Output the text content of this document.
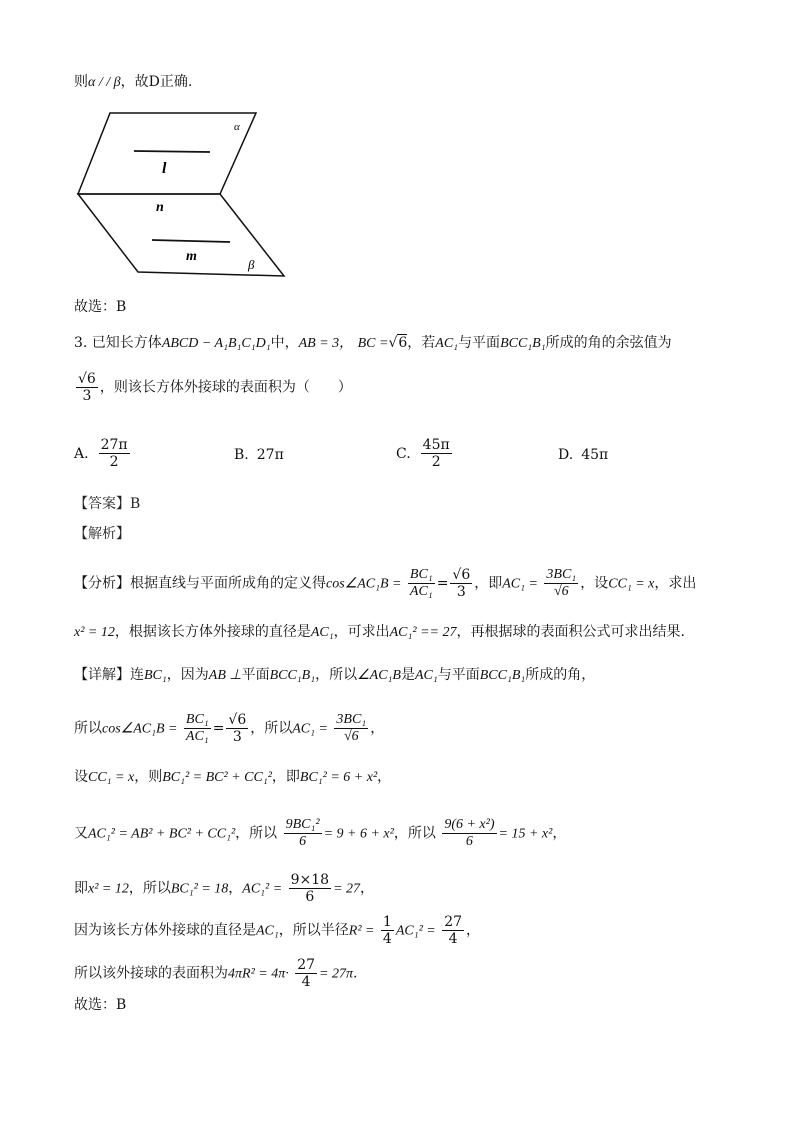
则α / / β，故D正确.
α
l
n
m
β
故选：B
3. 已知长方体ABCD − A₁B₁C₁D₁中，AB = 3， BC =√6，若AC₁与平面BCC₁B₁所成的角的余弦值为
$\frac{√6}{3}$ ，则该长方体外接球的表面积为（　　）
A. $\frac{27\pi}{2}$	B. 27π	C. $\frac{45\pi}{2}$	D. 45π
【答案】B
【解析】
【分析】根据直线与平面所成角的定义得cos∠AC₁B = $\frac{\text{BC₁}}{\text{AC₁}} = \frac{√6}{3}$ ，即$AC_1 = \frac{\text{3BC₁}}{√6}$ ，设CC₁ = x，求出
x² = 12，根据该长方体外接球的直径是AC₁，可求出AC₁² == 27，再根据球的表面积公式可求出结果.
【详解】连BC₁，因为AB ⊥平面BCC₁B₁，所以∠AC₁B是AC₁与平面BCC₁B₁所成的角，
所以cos∠AC₁B = $\frac{\text{BC₁}}{\text{AC₁}} = \frac{√6}{3}$ ，所以$AC_1 = \frac{\text{3BC₁}}{√6}$ ，
设CC₁ = x，则BC₁² = BC² + CC₁²，即BC₁² = 6 + x²，
又AC₁² = AB² + BC² + CC₁²，所以 $\frac{\text{9BC₁²}}{6} = 9 + 6 + x^2$，所以 $\frac{\text{9(6 + x²)}}{6} = 15 + x^2$，
即x² = 12，所以BC₁² = 18，$AC_1^2 = \frac{9\times 18}{6} = 27$，
因为该长方体外接球的直径是AC₁，所以半径$R^2 = \frac{1}{4} AC_1^2 = \frac{27}{4}$ ，
所以该外接球的表面积为$4\pi R^2 = 4\pi\cdot \frac{27}{4} = 27\pi$.
故选：B
